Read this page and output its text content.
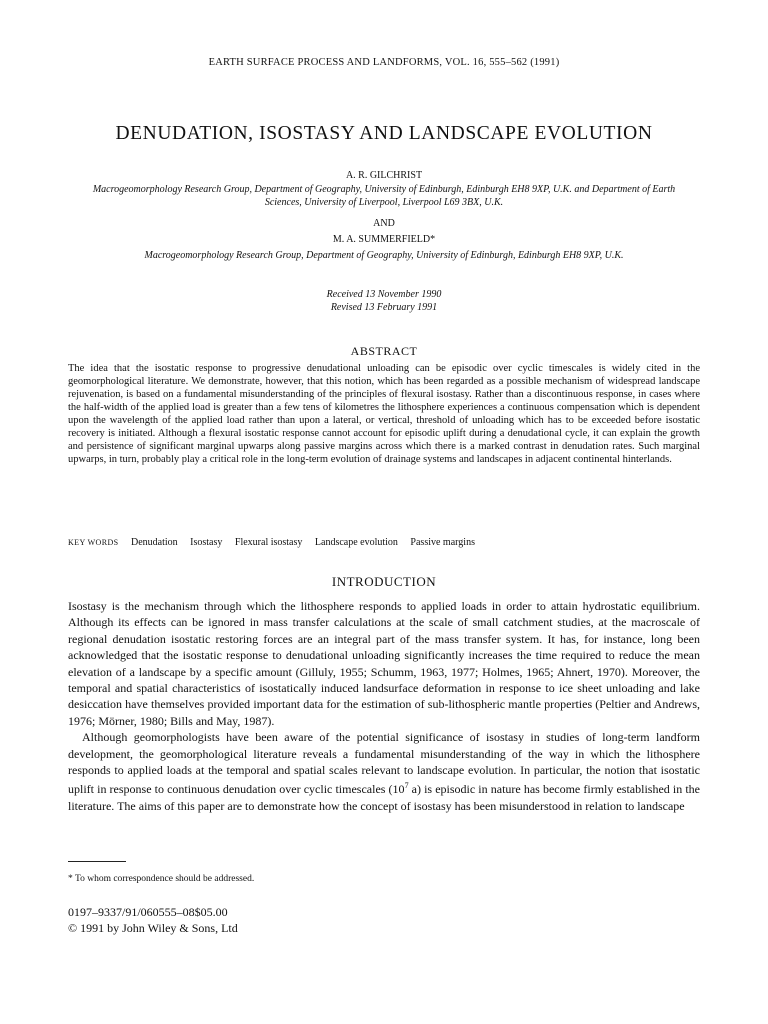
EARTH SURFACE PROCESS AND LANDFORMS, VOL. 16, 555–562 (1991)
DENUDATION, ISOSTASY AND LANDSCAPE EVOLUTION
A. R. GILCHRIST
Macrogeomorphology Research Group, Department of Geography, University of Edinburgh, Edinburgh EH8 9XP, U.K. and Department of Earth Sciences, University of Liverpool, Liverpool L69 3BX, U.K.
AND
M. A. SUMMERFIELD*
Macrogeomorphology Research Group, Department of Geography, University of Edinburgh, Edinburgh EH8 9XP, U.K.
Received 13 November 1990
Revised 13 February 1991
ABSTRACT
The idea that the isostatic response to progressive denudational unloading can be episodic over cyclic timescales is widely cited in the geomorphological literature. We demonstrate, however, that this notion, which has been regarded as a possible mechanism of widespread landscape rejuvenation, is based on a fundamental misunderstanding of the principles of flexural isostasy. Rather than a discontinuous response, in cases where the half-width of the applied load is greater than a few tens of kilometres the lithosphere experiences a continuous compensation which is dependent upon the wavelength of the applied load rather than upon a lateral, or vertical, threshold of unloading which has to be exceeded before isostatic recovery is initiated. Although a flexural isostatic response cannot account for episodic uplift during a denudational cycle, it can explain the growth and persistence of significant marginal upwarps along passive margins across which there is a marked contrast in denudation rates. Such marginal upwarps, in turn, probably play a critical role in the long-term evolution of drainage systems and landscapes in adjacent continental hinterlands.
KEY WORDS Denudation Isostasy Flexural isostasy Landscape evolution Passive margins
INTRODUCTION

Isostasy is the mechanism through which the lithosphere responds to applied loads in order to attain hydrostatic equilibrium. Although its effects can be ignored in mass transfer calculations at the scale of small catchment studies, at the macroscale of regional denudation isostatic restoring forces are an integral part of the mass transfer system. It has, for instance, long been acknowledged that the isostatic response to denudational unloading significantly increases the time required to reduce the mean elevation of a landscape by a specific amount (Gilluly, 1955; Schumm, 1963, 1977; Holmes, 1965; Ahnert, 1970). Moreover, the temporal and spatial characteristics of isostatically induced landsurface deformation in response to ice sheet unloading and lake desiccation have themselves provided important data for the estimation of sub-lithospheric mantle properties (Peltier and Andrews, 1976; Mörner, 1980; Bills and May, 1987).

Although geomorphologists have been aware of the potential significance of isostasy in studies of long-term landform development, the geomorphological literature reveals a fundamental misunderstanding of the way in which the lithosphere responds to applied loads at the temporal and spatial scales relevant to landscape evolution. In particular, the notion that isostatic uplift in response to continuous denudation over cyclic timescales ($10^7$ a) is episodic in nature has become firmly established in the literature. The aims of this paper are to demonstrate how the concept of isostasy has been misunderstood in relation to landscape

* To whom correspondence should be addressed.
0197–9337/91/060555–08$05.00
© 1991 by John Wiley & Sons, Ltd
